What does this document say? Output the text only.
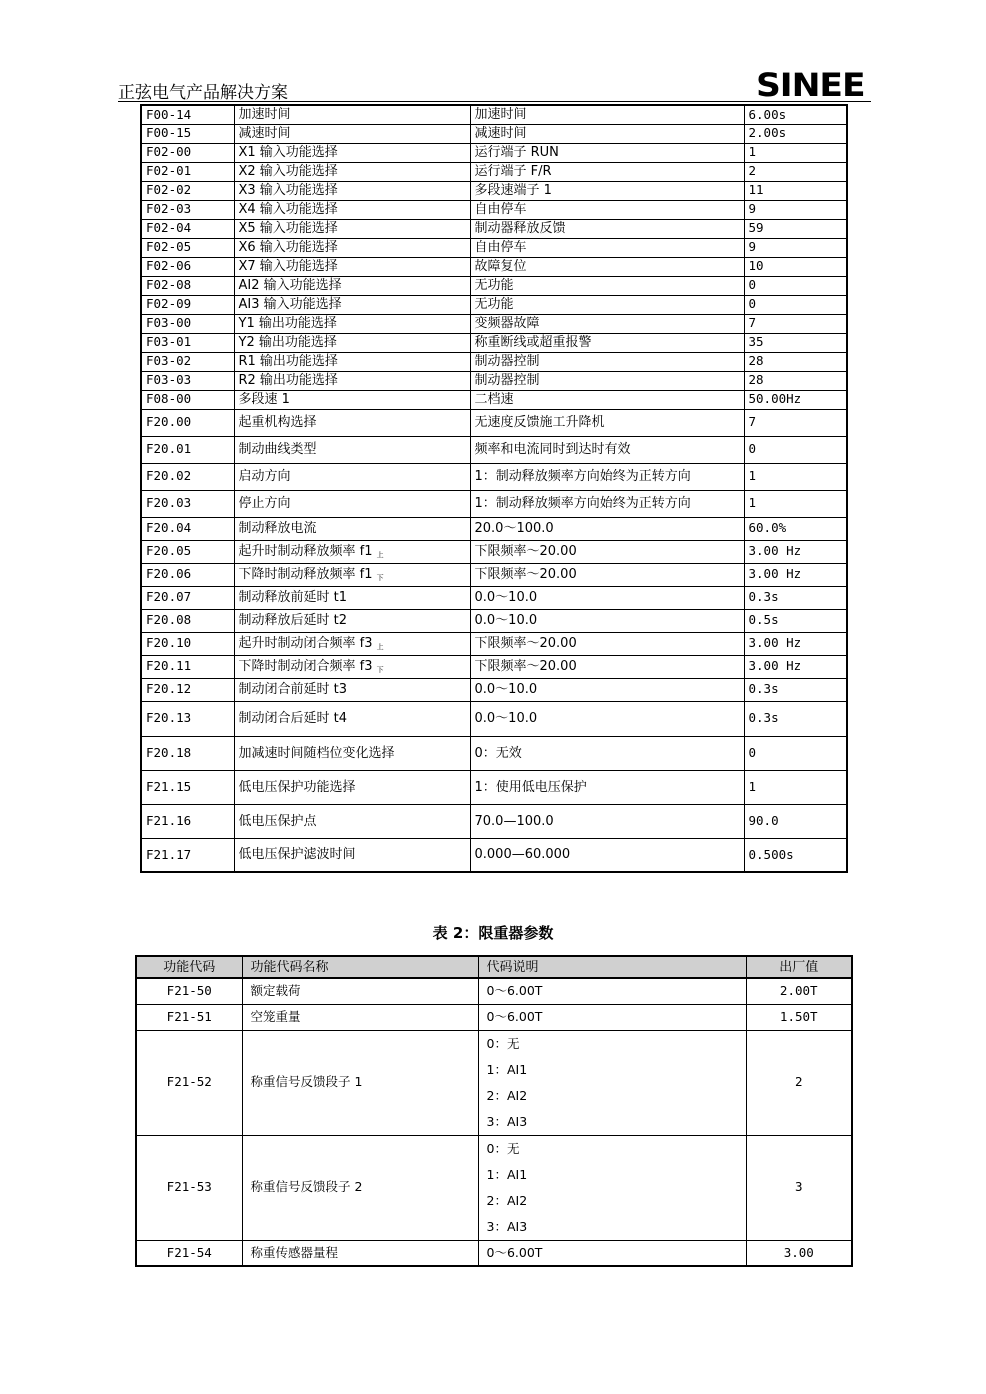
正弦电气产品解决方案	SINEE
F00-14	加速时间	加速时间	6.00s
F00-15	减速时间	减速时间	2.00s
F02-00	X1 输入功能选择	运行端子 RUN	1
F02-01	X2 输入功能选择	运行端子 F/R	2
F02-02	X3 输入功能选择	多段速端子 1	11
F02-03	X4 输入功能选择	自由停车	9
F02-04	X5 输入功能选择	制动器释放反馈	59
F02-05	X6 输入功能选择	自由停车	9
F02-06	X7 输入功能选择	故障复位	10
F02-08	AI2 输入功能选择	无功能	0
F02-09	AI3 输入功能选择	无功能	0
F03-00	Y1 输出功能选择	变频器故障	7
F03-01	Y2 输出功能选择	称重断线或超重报警	35
F03-02	R1 输出功能选择	制动器控制	28
F03-03	R2 输出功能选择	制动器控制	28
F08-00	多段速 1	二档速	50.00Hz
F20.00	起重机构选择	无速度反馈施工升降机	7
F20.01	制动曲线类型	频率和电流同时到达时有效	0
F20.02	启动方向	1：制动释放频率方向始终为正转方向	1
F20.03	停止方向	1：制动释放频率方向始终为正转方向	1
F20.04	制动释放电流	20.0～100.0	60.0%
F20.05	起升时制动释放频率 f1 $_上$	下限频率～20.00	3.00 Hz
F20.06	下降时制动释放频率 f1 $_下$	下限频率～20.00	3.00 Hz
F20.07	制动释放前延时 t1	0.0～10.0	0.3s
F20.08	制动释放后延时 t2	0.0～10.0	0.5s
F20.10	起升时制动闭合频率 f3 $_上$	下限频率～20.00	3.00 Hz
F20.11	下降时制动闭合频率 f3 $_下$	下限频率～20.00	3.00 Hz
F20.12	制动闭合前延时 t3	0.0～10.0	0.3s
F20.13	制动闭合后延时 t4	0.0～10.0	0.3s
F20.18	加减速时间随档位变化选择	0：无效	0
F21.15	低电压保护功能选择	1：使用低电压保护	1
F21.16	低电压保护点	70.0—100.0	90.0
F21.17	低电压保护滤波时间	0.000—60.000	0.500s
表 2：限重器参数
功能代码	功能代码名称	代码说明	出厂值
F21-50	额定载荷	0～6.00T	2.00T
F21-51	空笼重量	0～6.00T	1.50T
F21-52	称重信号反馈段子 1	0：无
1：AI1
2：AI2
3：AI3	2
F21-53	称重信号反馈段子 2	0：无
1：AI1
2：AI2
3：AI3	3
F21-54	称重传感器量程	0～6.00T	3.00
